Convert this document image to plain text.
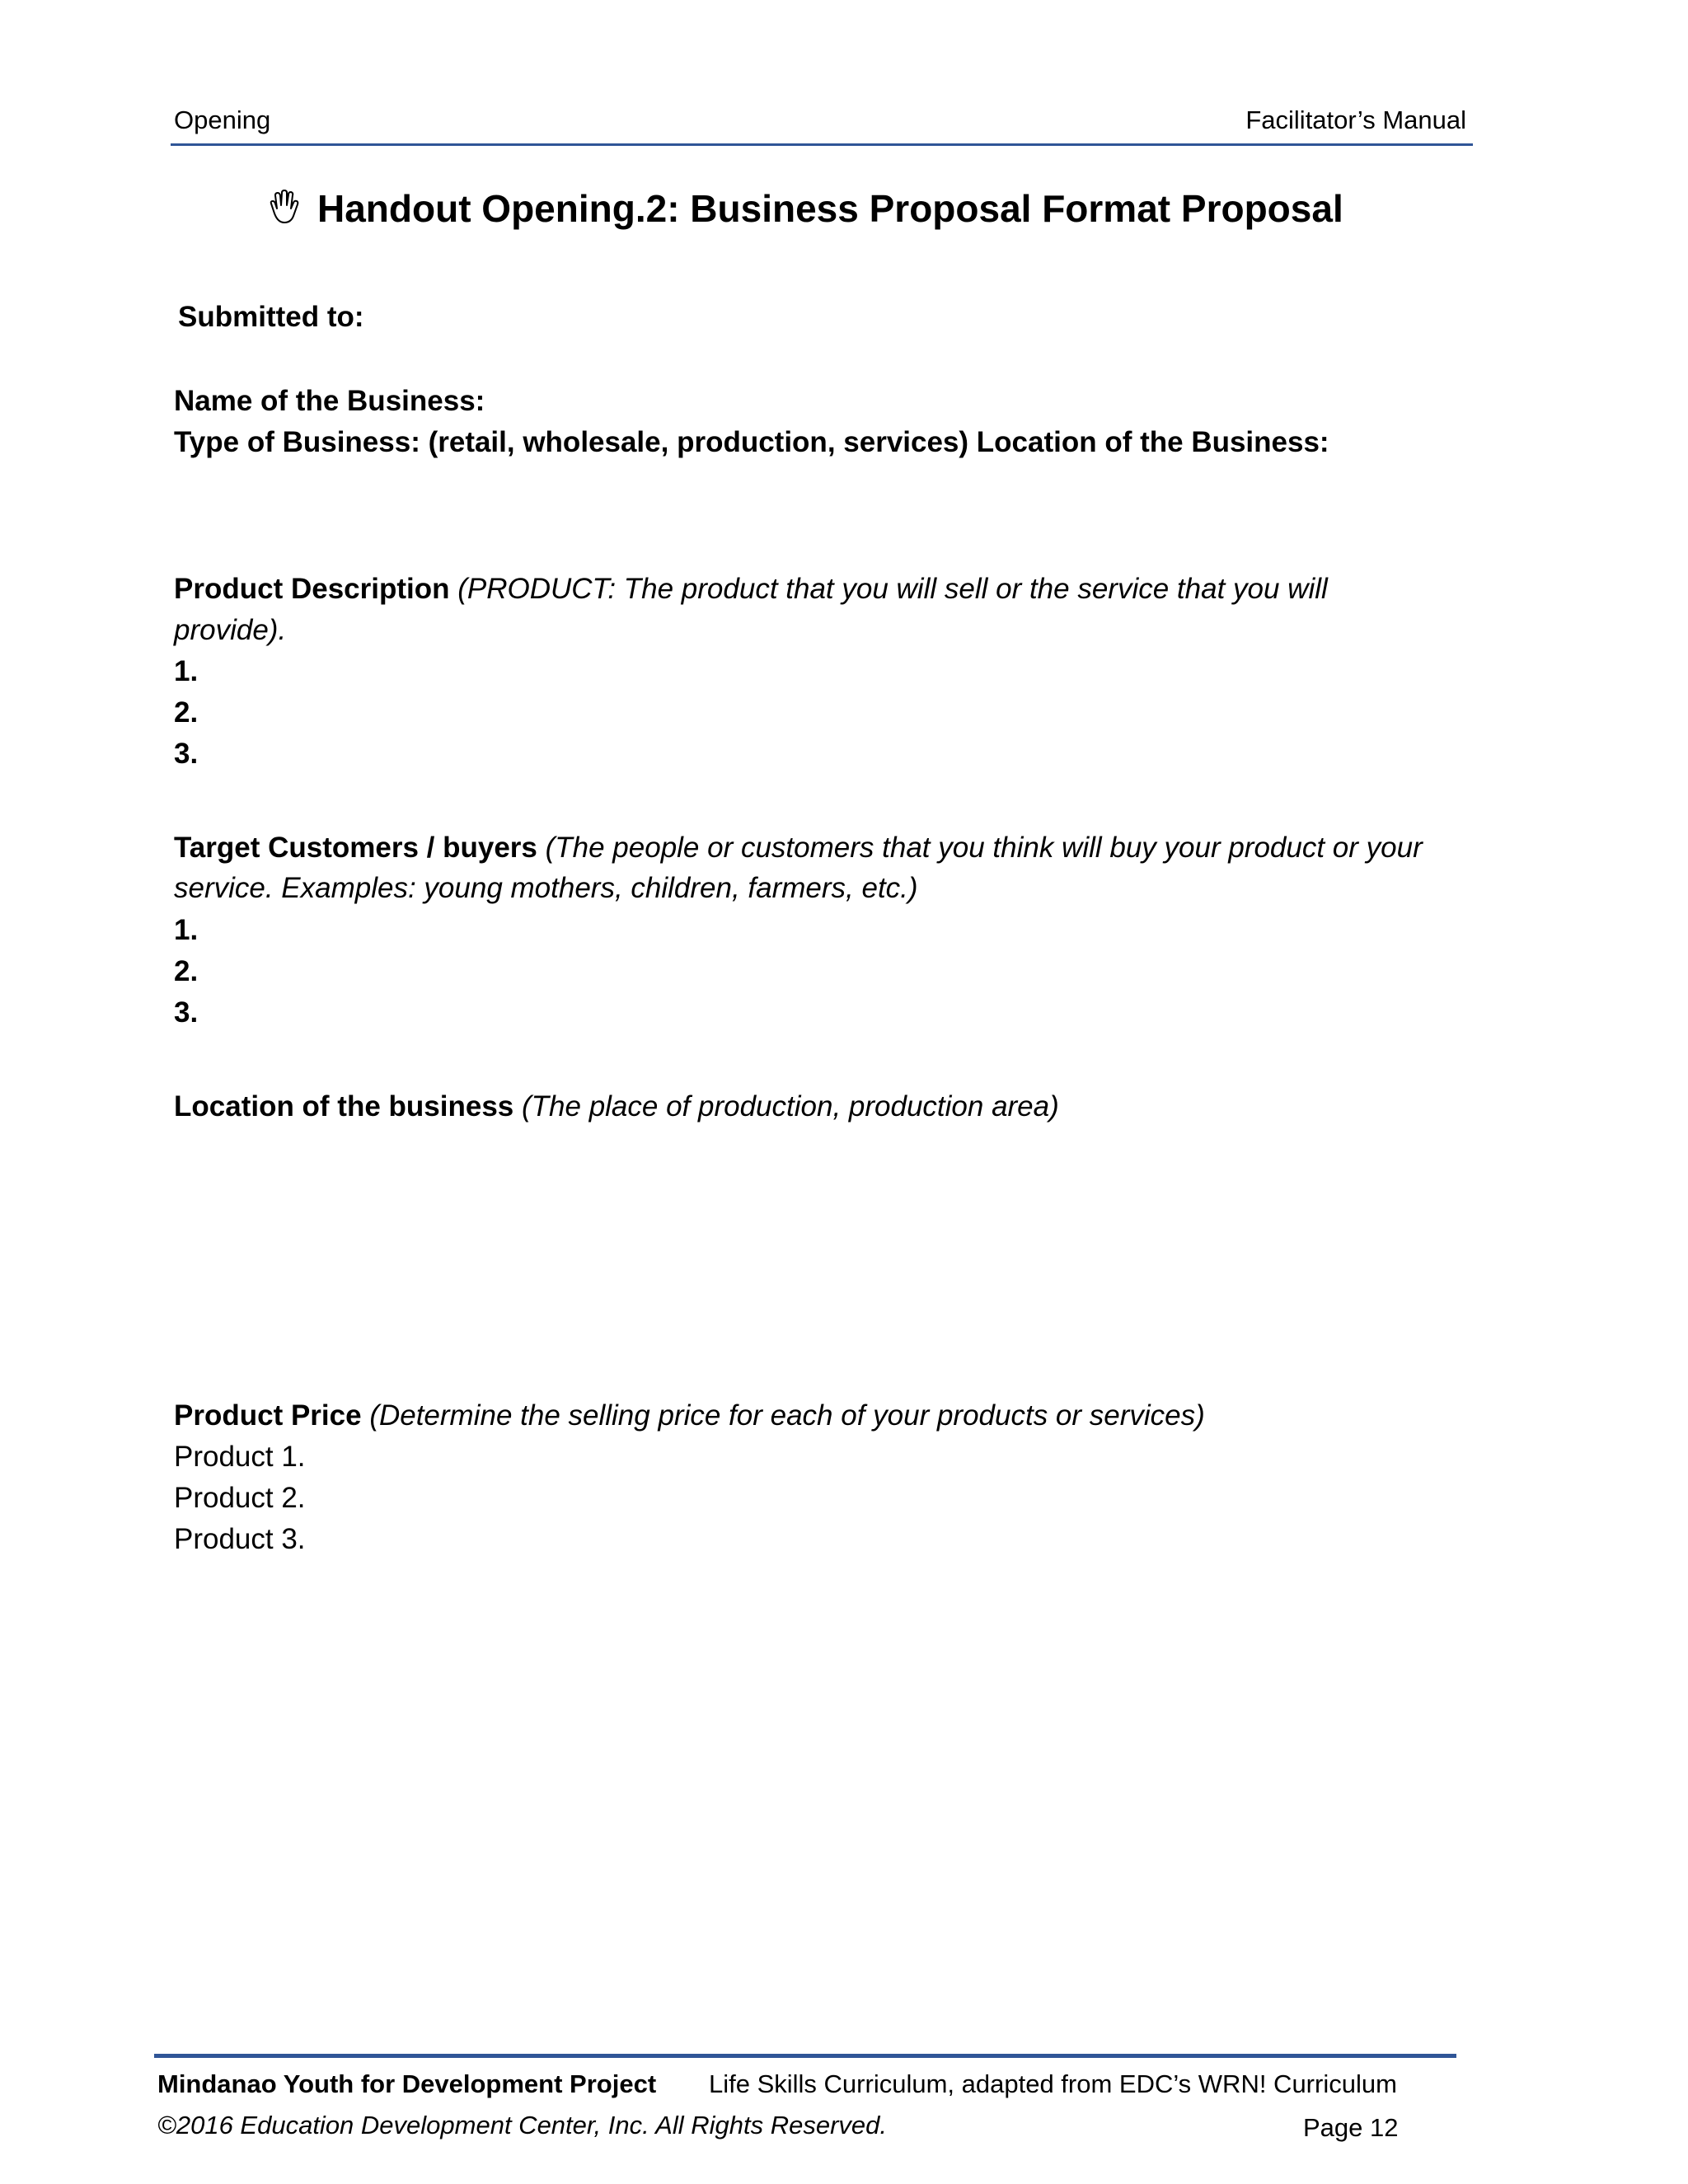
Opening	Facilitator’s Manual
Handout Opening.2: Business Proposal Format Proposal
Submitted to:
Name of the Business:
Type of Business: (retail, wholesale, production, services) Location of the Business:
Product Description (PRODUCT: The product that you will sell or the service that you will
provide).
1.
2.
3.
Target Customers / buyers (The people or customers that you think will buy your product or your
service. Examples: young mothers, children, farmers, etc.)
1.
2.
3.
Location of the business (The place of production, production area)
Product Price (Determine the selling price for each of your products or services)
Product 1.
Product 2.
Product 3.
Mindanao Youth for Development Project Life Skills Curriculum, adapted from EDC’s WRN! Curriculum
©2016 Education Development Center, Inc. All Rights Reserved.	Page 12
